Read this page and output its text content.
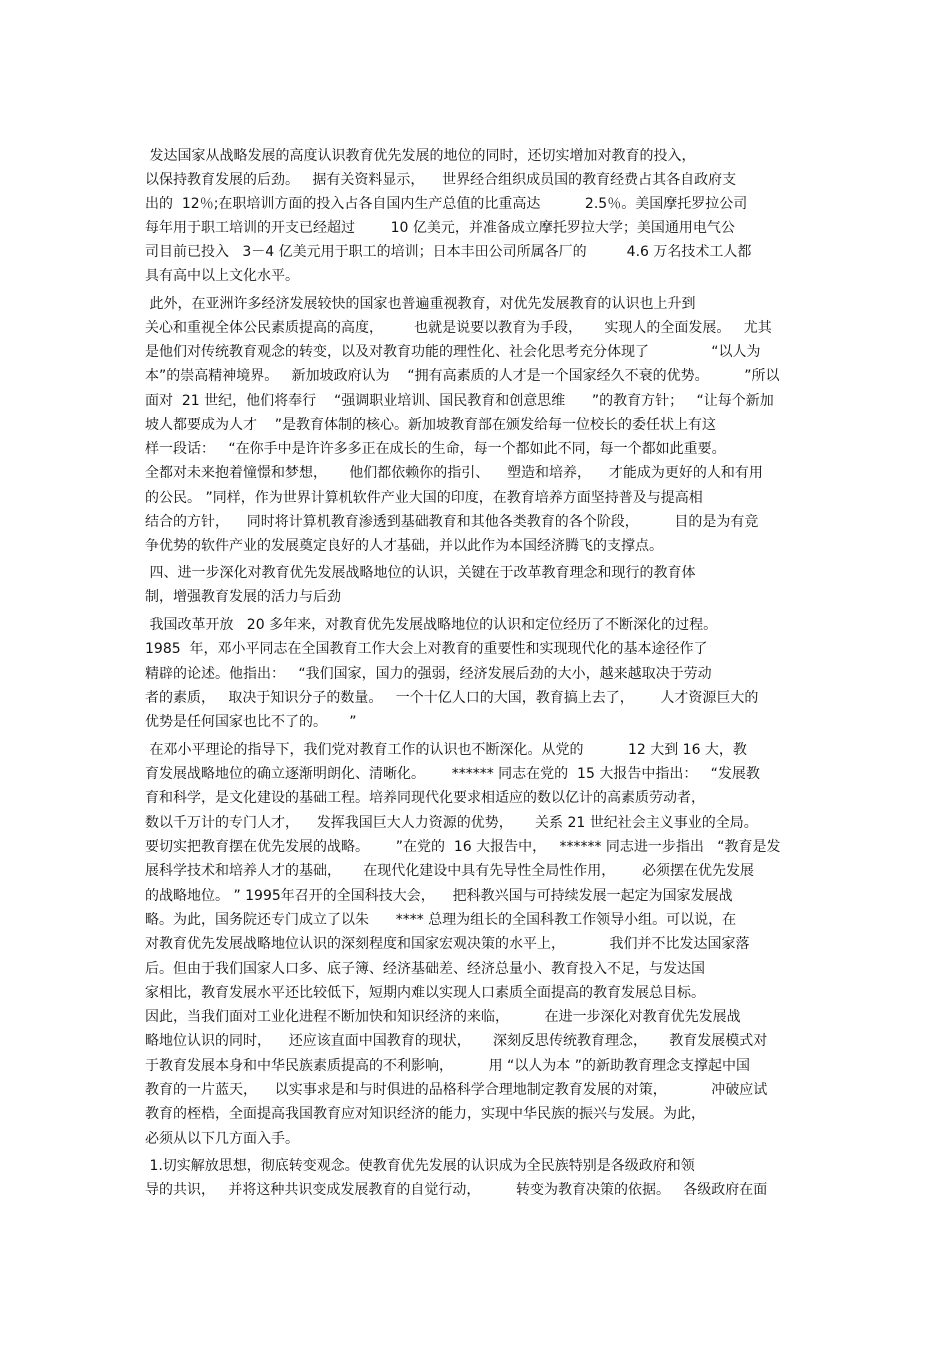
发达国家从战略发展的高度认识教育优先发展的地位的同时，还切实增加对教育的投入，
以保持教育发展的后劲。   据有关资料显示，    世界经合组织成员国的教育经费占其各自政府支
出的  12％;在职培训方面的投入占各自国内生产总值的比重高达          2.5％。美国摩托罗拉公司
每年用于职工培训的开支已经超过        10 亿美元，并准备成立摩托罗拉大学；美国通用电气公
司目前已投入   3－4 亿美元用于职工的培训；日本丰田公司所属各厂的         4.6 万名技术工人都
具有高中以上文化水平。
此外，在亚洲许多经济发展较快的国家也普遍重视教育，对优先发展教育的认识也上升到
关心和重视全体公民素质提高的高度，       也就是说要以教育为手段，     实现人的全面发展。   尤其
是他们对传统教育观念的转变，以及对教育功能的理性化、社会化思考充分体现了              “以人为
本”的崇高精神境界。   新加坡政府认为    “拥有高素质的人才是一个国家经久不衰的优势。        ”所以
面对  21 世纪，他们将奉行    “强调职业培训、国民教育和创意思维      ”的教育方针；   “让每个新加
坡人都要成为人才    ”是教育体制的核心。新加坡教育部在颁发给每一位校长的委任状上有这
样一段话：   “在你手中是许许多多正在成长的生命，每一个都如此不同，每一个都如此重要。
全都对未来抱着憧憬和梦想，     他们都依赖你的指引、    塑造和培养，    才能成为更好的人和有用
的公民。 ”同样，作为世界计算机软件产业大国的印度，在教育培养方面坚持普及与提高相
结合的方针，    同时将计算机教育渗透到基础教育和其他各类教育的各个阶段，        目的是为有竞
争优势的软件产业的发展奠定良好的人才基础，并以此作为本国经济腾飞的支撑点。
四、进一步深化对教育优先发展战略地位的认识，关键在于改革教育理念和现行的教育体
制，增强教育发展的活力与后劲
我国改革开放   20 多年来，对教育优先发展战略地位的认识和定位经历了不断深化的过程。
1985  年，邓小平同志在全国教育工作大会上对教育的重要性和实现现代化的基本途径作了
精辟的论述。他指出：   “我们国家，国力的强弱，经济发展后劲的大小，越来越取决于劳动
者的素质，   取决于知识分子的数量。   一个十亿人口的大国，教育搞上去了，      人才资源巨大的
优势是任何国家也比不了的。     ”
在邓小平理论的指导下，我们党对教育工作的认识也不断深化。从党的          12 大到 16 大，教
育发展战略地位的确立逐渐明朗化、清晰化。      ****** 同志在党的  15 大报告中指出：   “发展教
育和科学，是文化建设的基础工程。培养同现代化要求相适应的数以亿计的高素质劳动者，
数以千万计的专门人才，    发挥我国巨大人力资源的优势，     关系 21 世纪社会主义事业的全局。
要切实把教育摆在优先发展的战略。      ”在党的  16 大报告中，   ****** 同志进一步指出   “教育是发
展科学技术和培养人才的基础，     在现代化建设中具有先导性全局性作用，      必须摆在优先发展
的战略地位。 ” 1995年召开的全国科技大会，    把科教兴国与可持续发展一起定为国家发展战
略。为此，国务院还专门成立了以朱      **** 总理为组长的全国科教工作领导小组。可以说，在
对教育优先发展战略地位认识的深刻程度和国家宏观决策的水平上，          我们并不比发达国家落
后。但由于我们国家人口多、底子簿、经济基础差、经济总量小、教育投入不足，与发达国
家相比，教育发展水平还比较低下，短期内难以实现人口素质全面提高的教育发展总目标。
因此，当我们面对工业化进程不断加快和知识经济的来临，        在进一步深化对教育优先发展战
略地位认识的同时，    还应该直面中国教育的现状，     深刻反思传统教育理念，     教育发展模式对
于教育发展本身和中华民族素质提高的不利影响，        用 “以人为本 ”的新助教育理念支撑起中国
教育的一片蓝天，    以实事求是和与时俱进的品格科学合理地制定教育发展的对策，          冲破应试
教育的桎梏，全面提高我国教育应对知识经济的能力，实现中华民族的振兴与发展。为此，
必须从以下几方面入手。
1.切实解放思想，彻底转变观念。使教育优先发展的认识成为全民族特别是各级政府和领
导的共识，   并将这种共识变成发展教育的自觉行动，        转变为教育决策的依据。   各级政府在面
